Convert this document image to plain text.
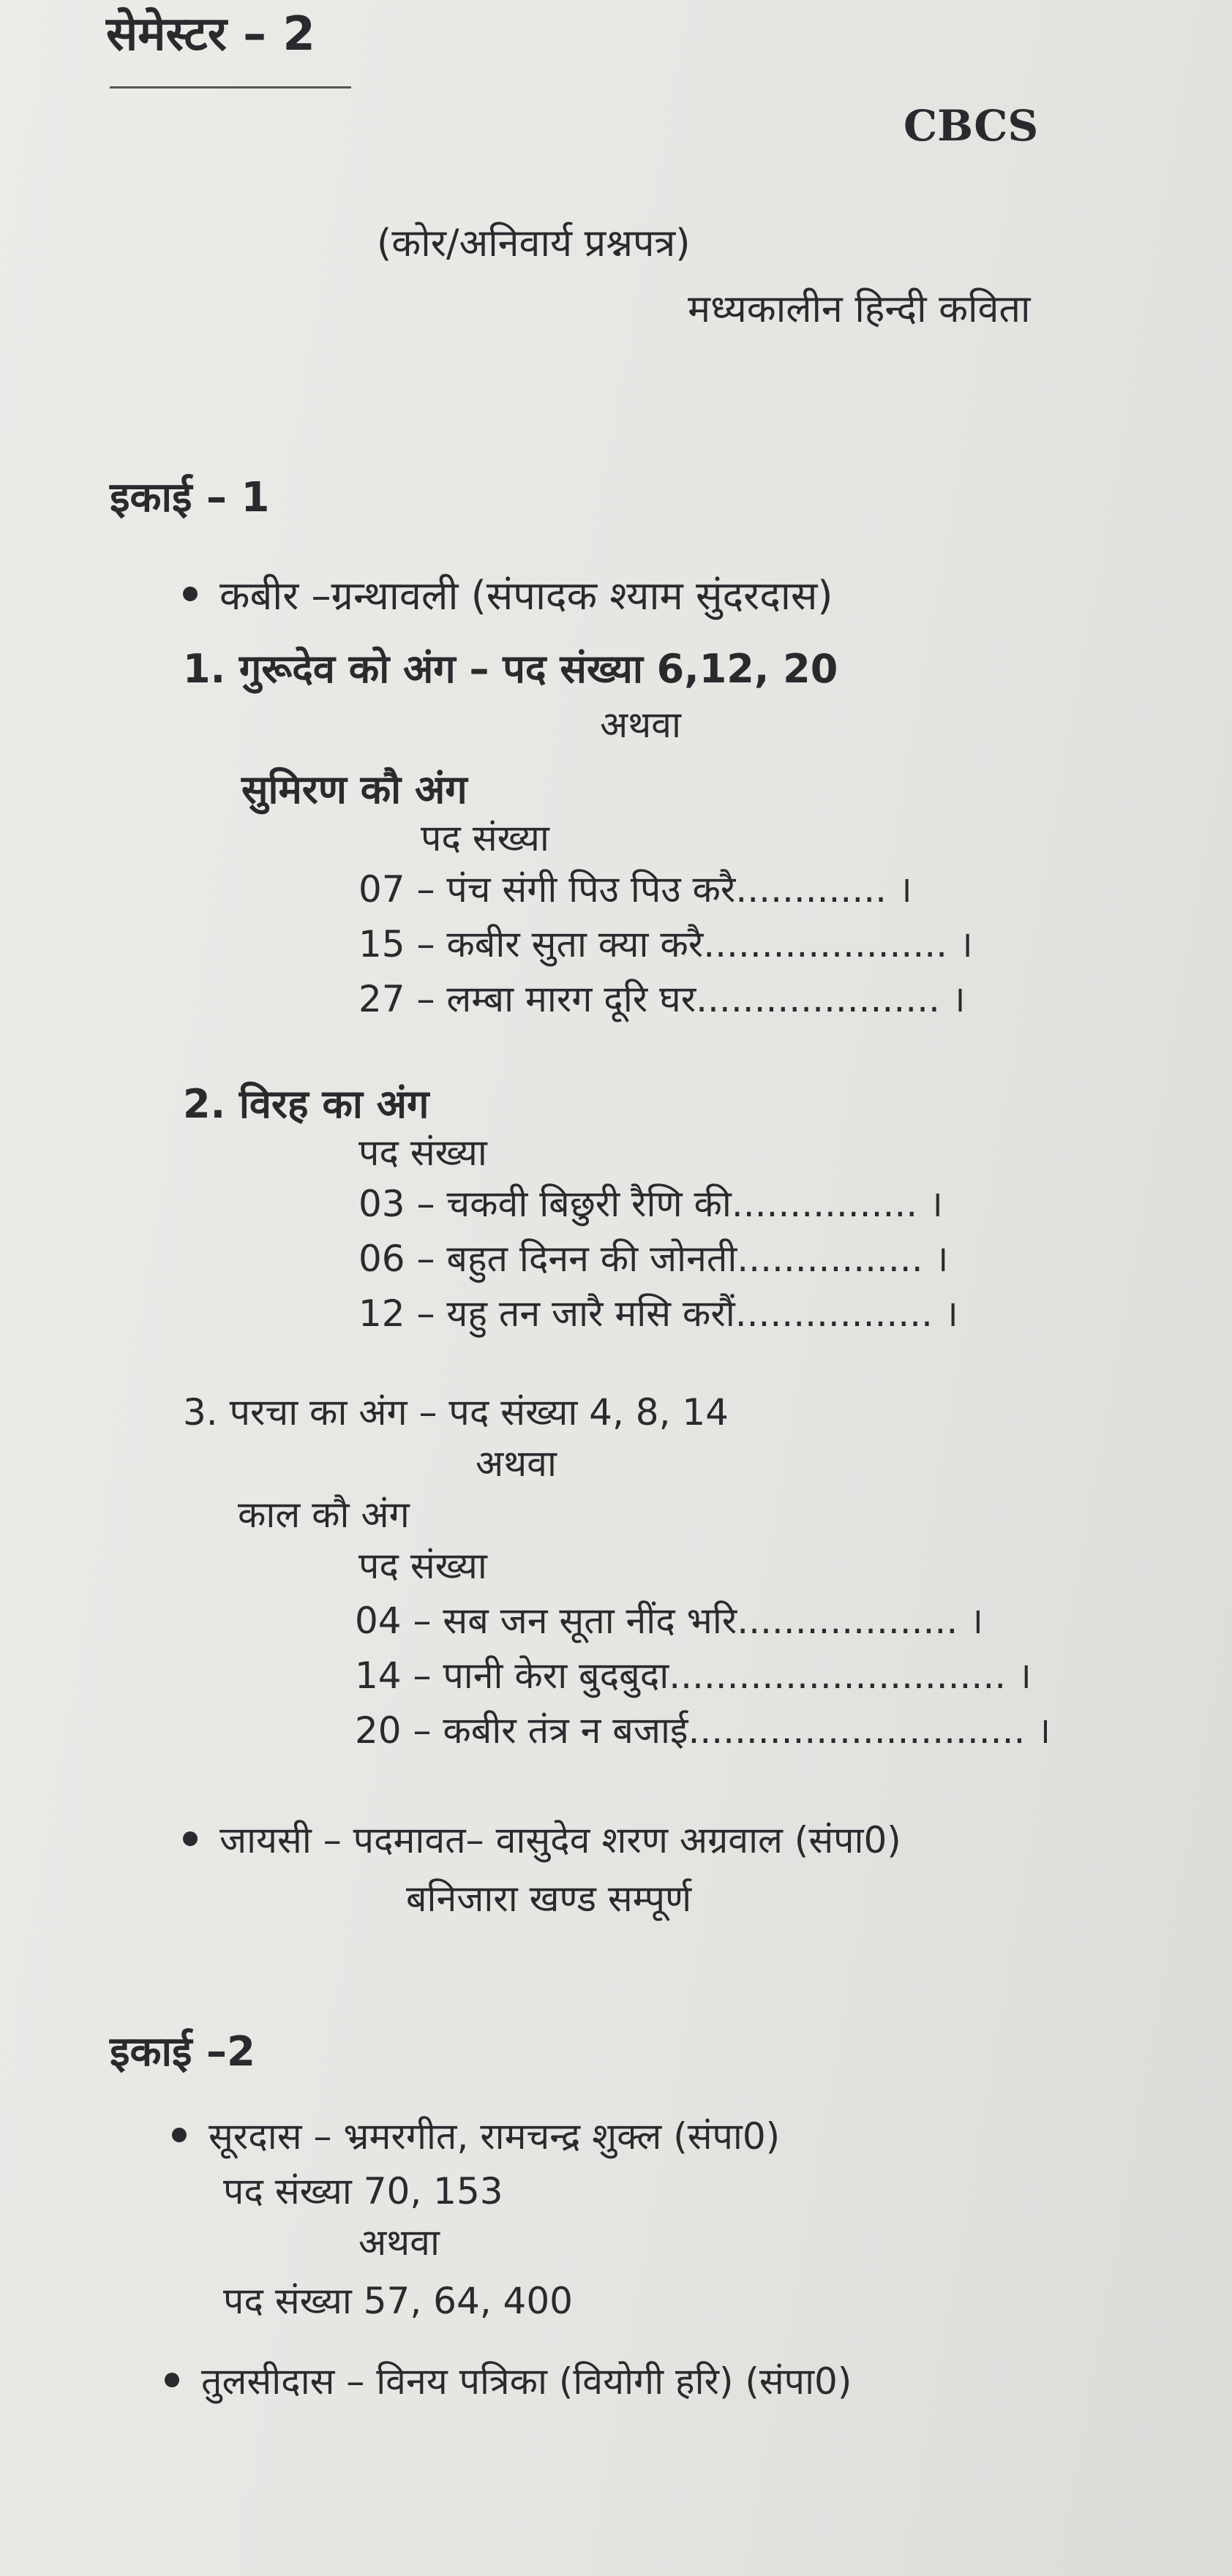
सेमेस्टर – 2
CBCS
(कोर/अनिवार्य प्रश्नपत्र)
मध्यकालीन हिन्दी कविता
इकाई – 1
कबीर –ग्रन्थावली (संपादक श्याम सुंदरदास)
1. गुरूदेव को अंग – पद संख्या 6,12, 20
अथवा
सुमिरण कौ अंग
पद संख्या
07 – पंच संगी पिउ पिउ करै............. ।
15 – कबीर सुता क्या करै..................... ।
27 – लम्बा मारग दूरि घर..................... ।
2. विरह का अंग
पद संख्या
03 – चकवी बिछुरी रैणि की................ ।
06 – बहुत दिनन की जोनती................ ।
12 – यहु तन जारै मसि करौं................. ।
3. परचा का अंग – पद संख्या 4, 8, 14
अथवा
काल कौ अंग
पद संख्या
04 – सब जन सूता नींद भरि................... ।
14 – पानी केरा बुदबुदा............................. ।
20 – कबीर तंत्र न बजाई............................. ।
जायसी – पदमावत– वासुदेव शरण अग्रवाल (संपा0)
बनिजारा खण्ड सम्पूर्ण
इकाई –2
सूरदास – भ्रमरगीत, रामचन्द्र शुक्ल (संपा0)
पद संख्या 70, 153
अथवा
पद संख्या 57, 64, 400
तुलसीदास – विनय पत्रिका (वियोगी हरि) (संपा0)
